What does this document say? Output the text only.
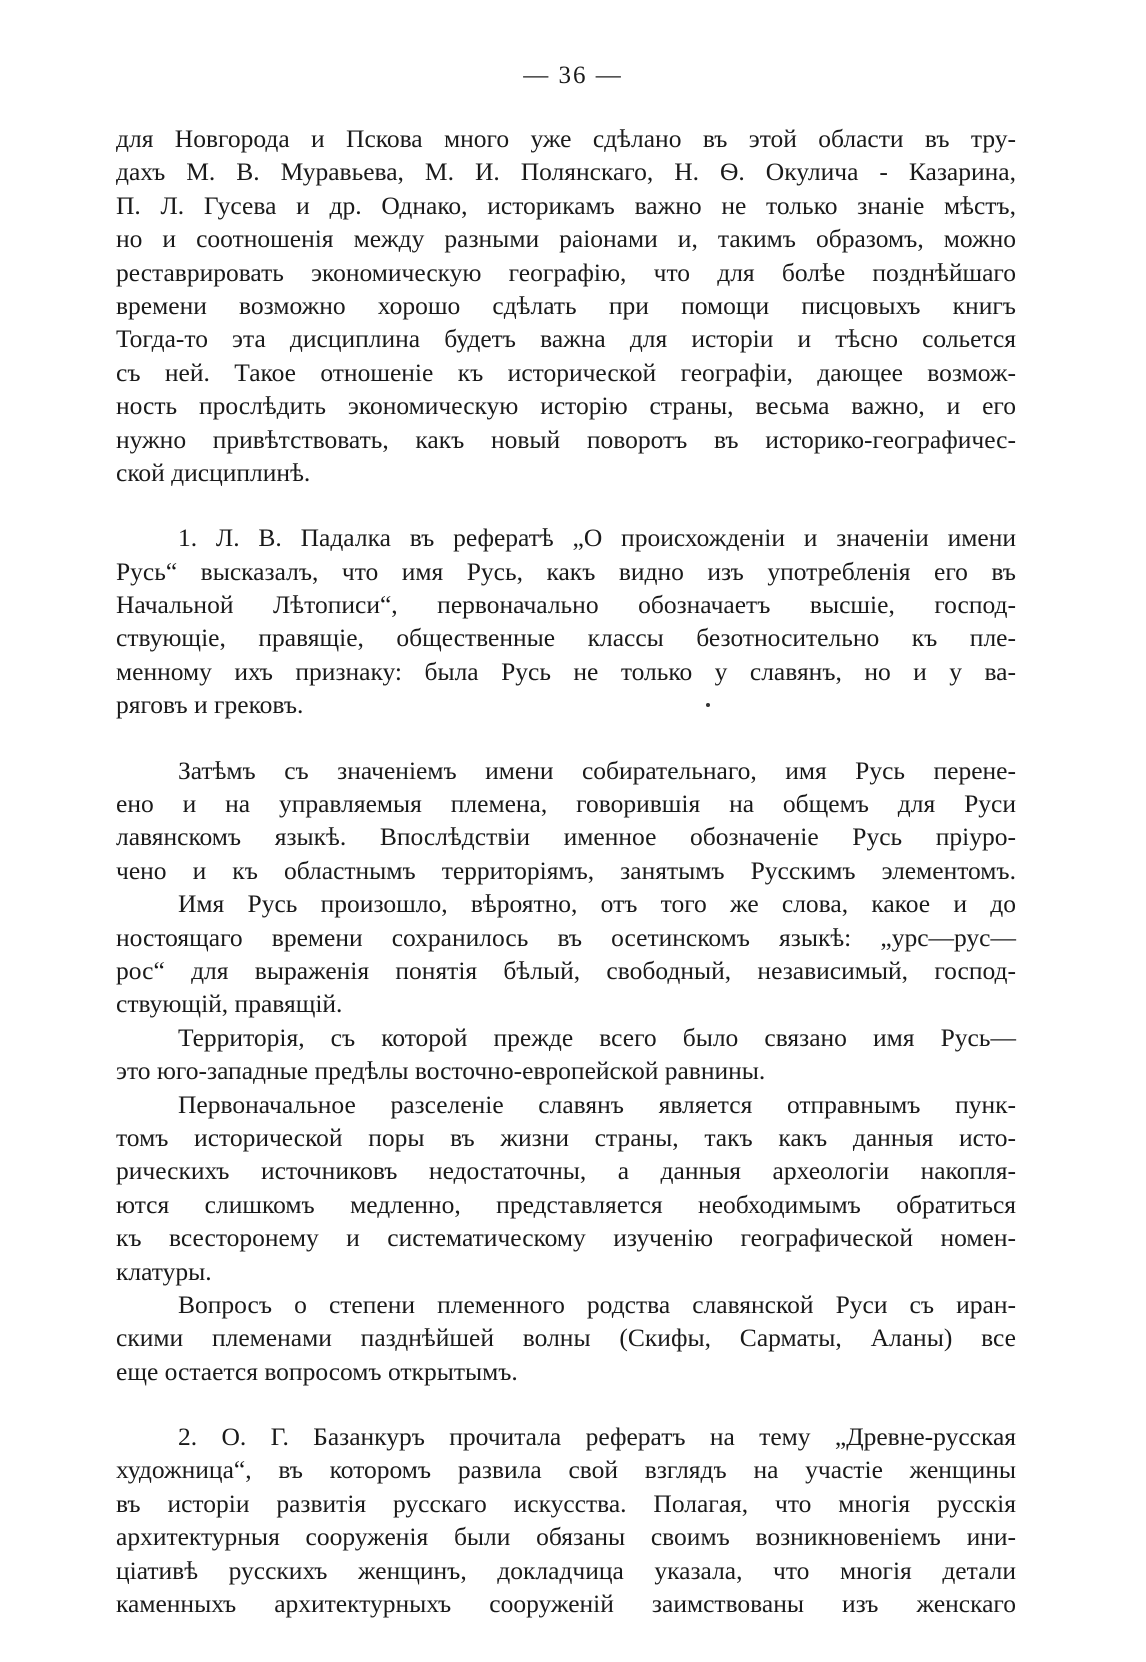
— 36 —
для Новгорода и Пскова много уже сдѣлано въ этой области въ тру-
дахъ М. В. Муравьева, М. И. Полянскаго, Н. Ѳ. Окулича - Казарина,
П. Л. Гусева и др. Однако, историкамъ важно не только знанiе мѣстъ,
но и соотношенiя между разными раiонами и, такимъ образомъ, можно
реставрировать экономическую географiю, что для болѣе позднѣйшаго
времени возможно хорошо сдѣлать при помощи писцовыхъ книгъ
Тогда-то эта дисциплина будетъ важна для исторiи и тѣсно сольется
съ ней. Такое отношенiе къ исторической географiи, дающее возмож-
ность прослѣдить экономическую исторiю страны, весьма важно, и его
нужно привѣтствовать, какъ новый поворотъ въ историко-географичес-
ской дисциплинѣ.
1. Л. В. Падалка въ рефератѣ „О происхожденiи и значенiи имени
Русь“ высказалъ, что имя Русь, какъ видно изъ употребленiя его въ
Начальной Лѣтописи“, первоначально обозначаетъ высшiе, господ-
ствующiе, правящiе, общественные классы безотносительно къ пле-
менному ихъ признаку: была Русь не только у славянъ, но и у ва-
ряговъ и грековъ.
Затѣмъ съ значенiемъ имени собирательнаго, имя Русь перене-
ено и на управляемыя племена, говорившiя на общемъ для Руси
лавянскомъ языкѣ. Впослѣдствiи именное обозначенiе Русь прiуро-
чено и къ областнымъ территорiямъ, занятымъ Русскимъ элементомъ.
Имя Русь произошло, вѣроятно, отъ того же слова, какое и до
ностоящаго времени сохранилось въ осетинскомъ языкѣ: „урс—рус—
рос“ для выраженiя понятiя бѣлый, свободный, независимый, господ-
ствующiй, правящiй.
Территорiя, съ которой прежде всего было связано имя Русь—
это юго-западные предѣлы восточно-европейской равнины.
Первоначальное разселенiе славянъ является отправнымъ пунк-
томъ исторической поры въ жизни страны, такъ какъ данныя исто-
рическихъ источниковъ недостаточны, а данныя археологiи накопля-
ются слишкомъ медленно, представляется необходимымъ обратиться
къ всесторонему и систематическому изученiю географической номен-
клатуры.
Вопросъ о степени племенного родства славянской Руси съ иран-
скими племенами пазднѣйшей волны (Скифы, Сарматы, Аланы) все
еще остается вопросомъ открытымъ.
2. О. Г. Базанкуръ прочитала рефератъ на тему „Древне-русская
художница“, въ которомъ развила свой взглядъ на участiе женщины
въ исторiи развитiя русскаго искусства. Полагая, что многiя русскiя
архитектурныя сооруженiя были обязаны своимъ возникновенiемъ ини-
цiативѣ русскихъ женщинъ, докладчица указала, что многiя детали
каменныхъ архитектурныхъ сооруженiй заимствованы изъ женскаго
